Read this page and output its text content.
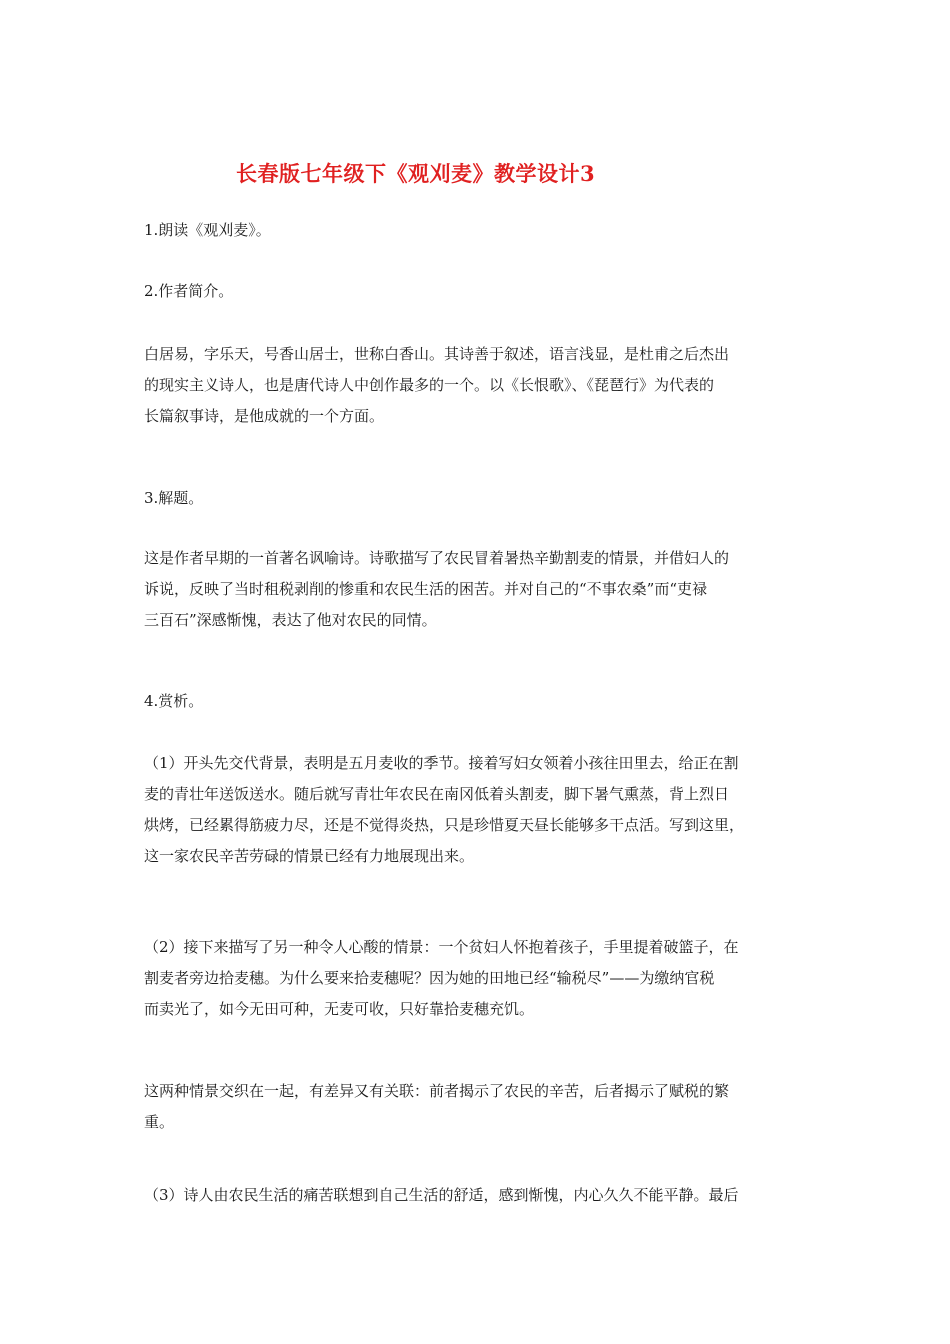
长春版七年级下《观刈麦》教学设计3

1.朗读《观刈麦》。

2.作者简介。

白居易，字乐天，号香山居士，世称白香山。其诗善于叙述，语言浅显，是杜甫之后杰出
的现实主义诗人，也是唐代诗人中创作最多的一个。以《长恨歌》、《琵琶行》为代表的
长篇叙事诗，是他成就的一个方面。

3.解题。

这是作者早期的一首著名讽喻诗。诗歌描写了农民冒着暑热辛勤割麦的情景，并借妇人的
诉说，反映了当时租税剥削的惨重和农民生活的困苦。并对自己的“不事农桑”而“吏禄
三百石”深感惭愧，表达了他对农民的同情。

4.赏析。

（1）开头先交代背景，表明是五月麦收的季节。接着写妇女领着小孩往田里去，给正在割
麦的青壮年送饭送水。随后就写青壮年农民在南冈低着头割麦，脚下暑气熏蒸，背上烈日
烘烤，已经累得筋疲力尽，还是不觉得炎热，只是珍惜夏天昼长能够多干点活。写到这里，
这一家农民辛苦劳碌的情景已经有力地展现出来。

（2）接下来描写了另一种令人心酸的情景：一个贫妇人怀抱着孩子，手里提着破篮子，在
割麦者旁边拾麦穗。为什么要来拾麦穗呢？因为她的田地已经“输税尽”——为缴纳官税
而卖光了，如今无田可种，无麦可收，只好靠拾麦穗充饥。

这两种情景交织在一起，有差异又有关联：前者揭示了农民的辛苦，后者揭示了赋税的繁
重。

（3）诗人由农民生活的痛苦联想到自己生活的舒适，感到惭愧，内心久久不能平静。最后
